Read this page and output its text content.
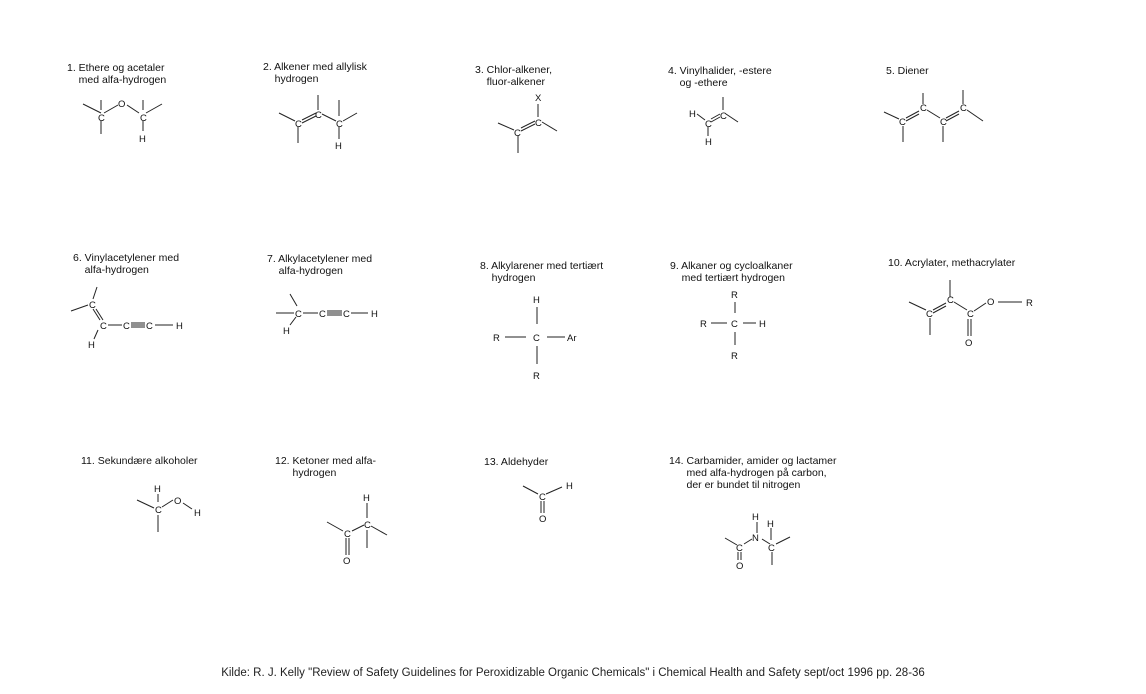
1. Ethere og acetaler
med alfa-hydrogen
2. Alkener med allylisk
hydrogen
3. Chlor-alkener,
fluor-alkener
4. Vinylhalider, -estere
og -ethere
5. Diener
6. Vinylacetylener med
alfa-hydrogen
7. Alkylacetylener med
alfa-hydrogen	8. Alkylarener med tertiært
hydrogen
9. Alkaner og cycloalkaner
med tertiært hydrogen
10. Acrylater, methacrylater
11. Sekundære alkoholer	12. Ketoner med alfa-
hydrogen
13. Aldehyder	14. Carbamider, amider og lactamer
med alfa-hydrogen på carbon,
der er bundet til nitrogen
C
O
C
H
C
C
C
H
X
C
C
H
C
C
H
C
C
C
C
C
C C C H
H
C C C H
H
H
R	C	Ar
R
R
R	C H
R
C
C
C
O	R
O
H
C
O
H
H
C
C
O
C
H
O	H
H
N
C	C
O
Kilde: R. J. Kelly "Review of Safety Guidelines for Peroxidizable Organic Chemicals" i Chemical Health and Safety sept/oct 1996 pp. 28-36
